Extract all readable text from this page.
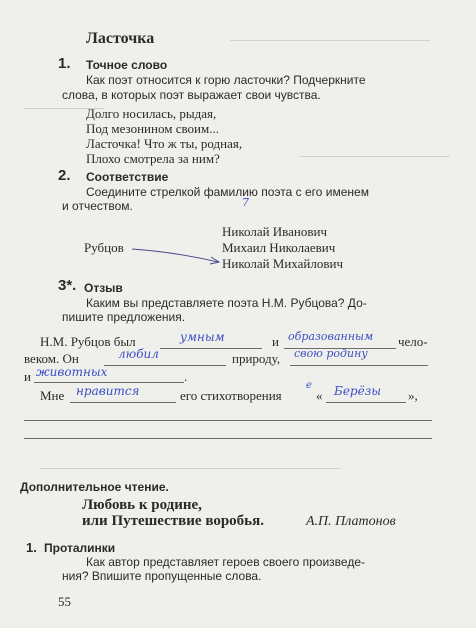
Ласточка
1. Точное слово
Как поэт относится к горю ласточки? Подчеркните
слова, в которых поэт выражает свои чувства.
Долго носилась, рыдая,
Под мезонином своим...
Ласточка! Что ж ты, родная,
Плохо смотрела за ним?
2. Соответствие
Соедините стрелкой фамилию поэта с его именем
и отчеством.	7
Николай Иванович
Рубцов	Михаил Николаевич
Николай Михайлович
3*. Отзыв
Каким вы представляете поэта Н.М. Рубцова? До-
пишите предложения.
Н.М. Рубцов был	умным	и образованным чело-
веком. Он	любил	природу, свою родину
и животных	.
Мне нравится	его стихотворения
е
« Берёзы »,
Дополнительное чтение.
Любовь к родине,
или Путешествие воробья.	А.П. Платонов
1. Проталинки
Как автор представляет героев своего произведе-
ния? Впишите пропущенные слова.
55
